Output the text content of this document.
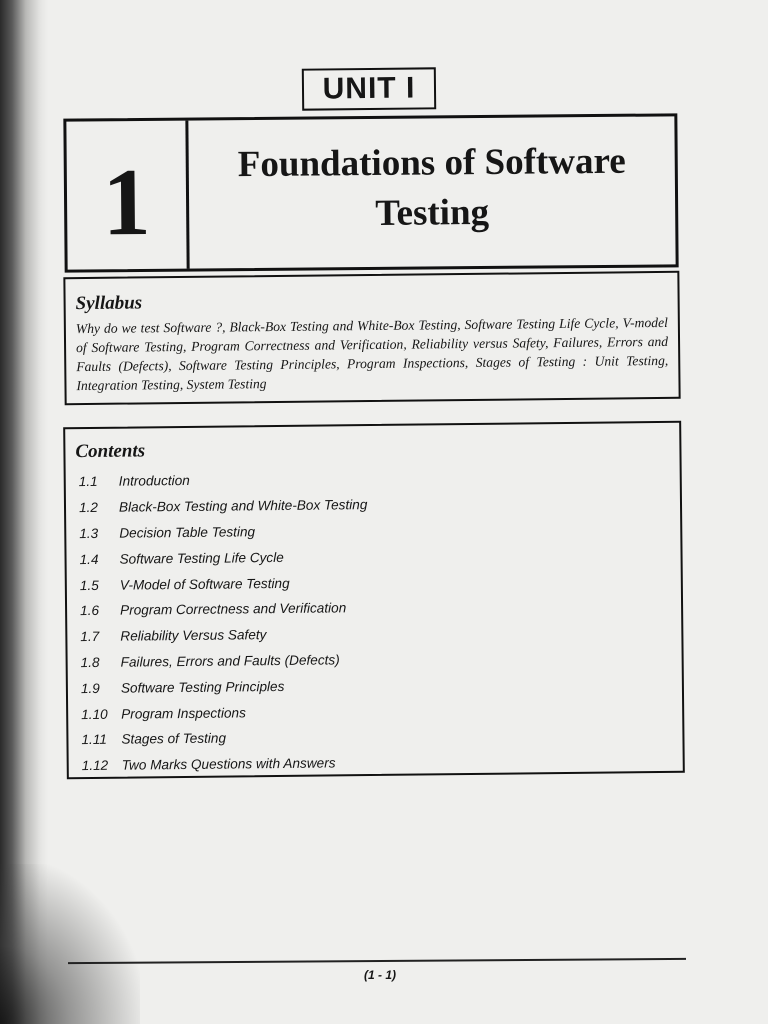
UNIT I
1	Foundations of Software Testing
Syllabus
Why do we test Software ?, Black-Box Testing and White-Box Testing, Software Testing Life Cycle, V-model of Software Testing, Program Correctness and Verification, Reliability versus Safety, Failures, Errors and Faults (Defects), Software Testing Principles, Program Inspections, Stages of Testing : Unit Testing, Integration Testing, System Testing
Contents
1.1	Introduction
1.2	Black-Box Testing and White-Box Testing
1.3	Decision Table Testing
1.4	Software Testing Life Cycle
1.5	V-Model of Software Testing
1.6	Program Correctness and Verification
1.7	Reliability Versus Safety
1.8	Failures, Errors and Faults (Defects)
1.9	Software Testing Principles
1.10 Program Inspections
1.11	Stages of Testing
1.12 Two Marks Questions with Answers
(1 - 1)
